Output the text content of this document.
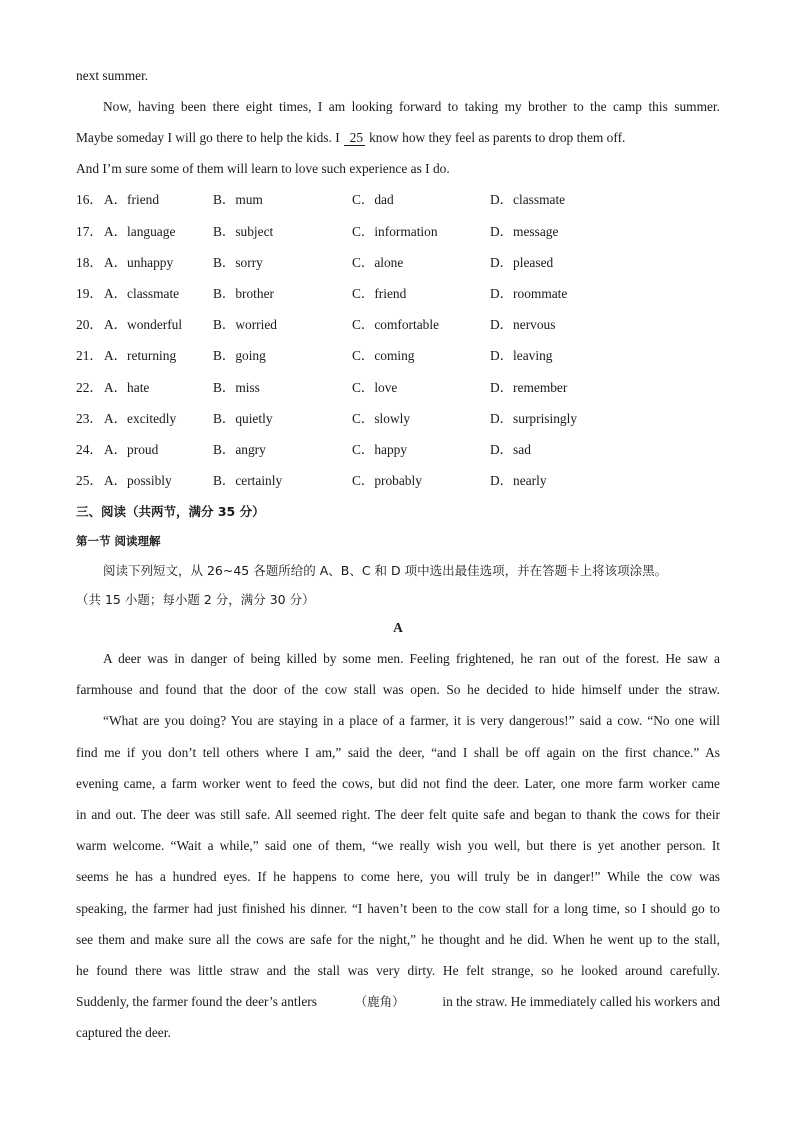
next summer.
Now, having been there eight times, I am looking forward to taking my brother to the camp this summer.
Maybe someday I will go there to help the kids. I 25 know how they feel as parents to drop them off.
And I’m sure some of them will learn to love such experience as I do.
16． A．friend	B．mum	C．dad	D．classmate
17． A．language	B．subject	C．information	D．message
18． A．unhappy	B．sorry	C．alone	D．pleased
19． A．classmate	B．brother	C．friend	D．roommate
20． A．wonderful B．worried	C．comfortable	D．nervous
21． A．returning	B．going	C．coming	D．leaving
22． A．hate	B．miss	C．love	D．remember
23． A．excitedly	B．quietly	C．slowly	D．surprisingly
24． A．proud	B．angry	C．happy	D．sad
25． A．possibly	B．certainly	C．probably	D．nearly
三、阅读（共两节，满分 35 分）
第一节 阅读理解
阅读下列短文，从 26~45 各题所给的 A、B、C 和 D 项中选出最佳选项，并在答题卡上将该项涂黑。
（共 15 小题；每小题 2 分，满分 30 分）
A
A deer was in danger of being killed by some men. Feeling frightened, he ran out of the forest. He saw a
farmhouse and found that the door of the cow stall was open. So he decided to hide himself under the straw.
“What are you doing? You are staying in a place of a farmer, it is very dangerous!” said a cow. “No one will
find me if you don’t tell others where I am,” said the deer, “and I shall be off again on the first chance.” As
evening came, a farm worker went to feed the cows, but did not find the deer. Later, one more farm worker came
in and out. The deer was still safe. All seemed right. The deer felt quite safe and began to thank the cows for their
warm welcome. “Wait a while,” said one of them, “we really wish you well, but there is yet another person. It
seems he has a hundred eyes. If he happens to come here, you will truly be in danger!” While the cow was
speaking, the farmer had just finished his dinner. “I haven’t been to the cow stall for a long time, so I should go to
see them and make sure all the cows are safe for the night,” he thought and he did. When he went up to the stall,
he found there was little straw and the stall was very dirty. He felt strange, so he looked around carefully.
Suddenly, the farmer found the deer’s antlers	（鹿角）	in the straw. He immediately called his workers and
captured the deer.
